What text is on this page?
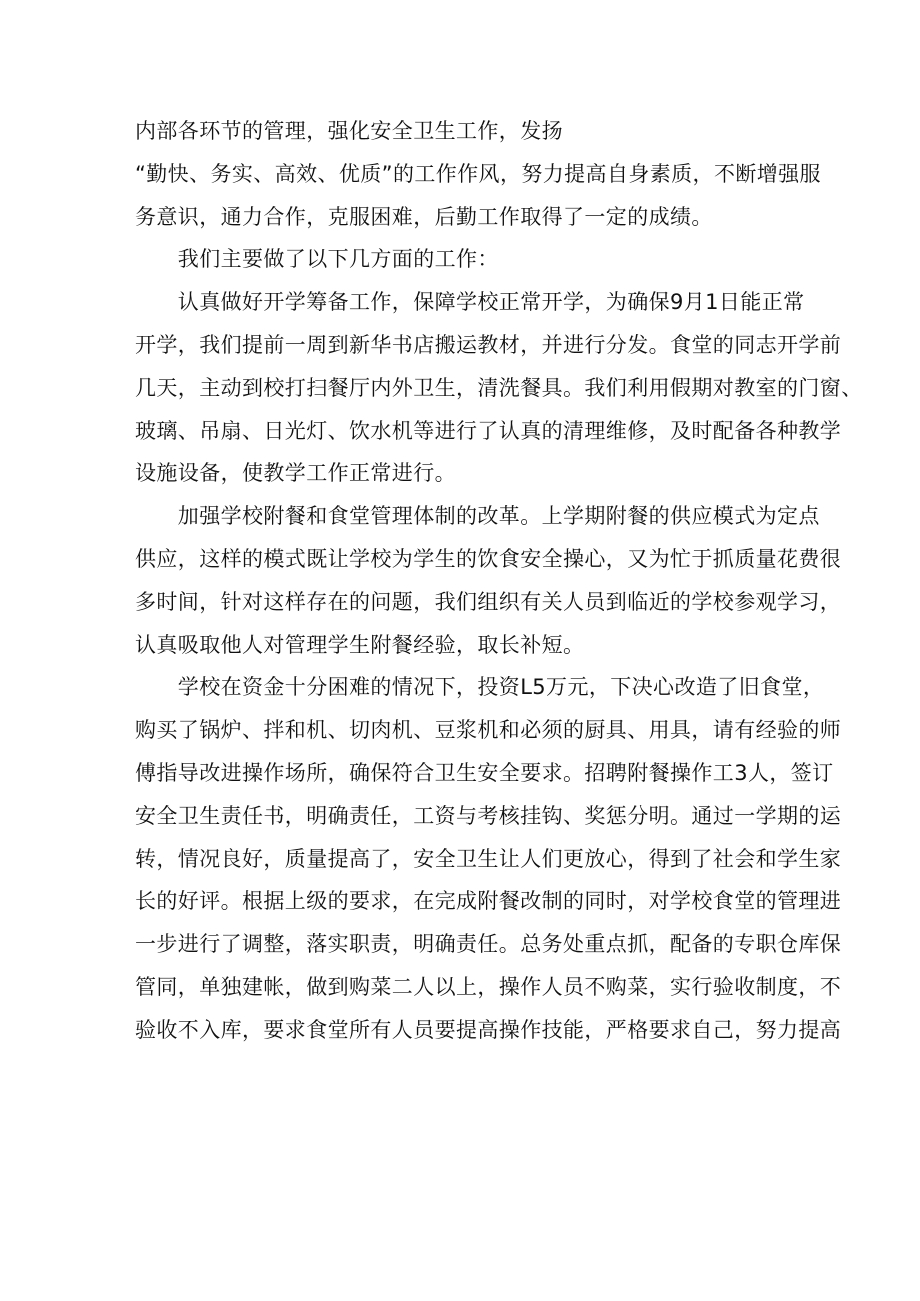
内部各环节的管理，强化安全卫生工作，发扬

“勤快、务实、高效、优质”的工作作风，努力提高自身素质，不断增强服

务意识，通力合作，克服困难，后勤工作取得了一定的成绩。

　　我们主要做了以下几方面的工作：

　　认真做好开学筹备工作，保障学校正常开学，为确保9月1日能正常

开学，我们提前一周到新华书店搬运教材，并进行分发。食堂的同志开学前

几天，主动到校打扫餐厅内外卫生，清洗餐具。我们利用假期对教室的门窗、

玻璃、吊扇、日光灯、饮水机等进行了认真的清理维修，及时配备各种教学

设施设备，使教学工作正常进行。

　　加强学校附餐和食堂管理体制的改革。上学期附餐的供应模式为定点

供应，这样的模式既让学校为学生的饮食安全操心，又为忙于抓质量花费很

多时间，针对这样存在的问题，我们组织有关人员到临近的学校参观学习，

认真吸取他人对管理学生附餐经验，取长补短。

　　学校在资金十分困难的情况下，投资L5万元，下决心改造了旧食堂，

购买了锅炉、拌和机、切肉机、豆浆机和必须的厨具、用具，请有经验的师

傅指导改进操作场所，确保符合卫生安全要求。招聘附餐操作工3人，签订

安全卫生责任书，明确责任，工资与考核挂钩、奖惩分明。通过一学期的运

转，情况良好，质量提高了，安全卫生让人们更放心，得到了社会和学生家

长的好评。根据上级的要求，在完成附餐改制的同时，对学校食堂的管理进

一步进行了调整，落实职责，明确责任。总务处重点抓，配备的专职仓库保

管同，单独建帐，做到购菜二人以上，操作人员不购菜，实行验收制度，不

验收不入库，要求食堂所有人员要提高操作技能，严格要求自己，努力提高
